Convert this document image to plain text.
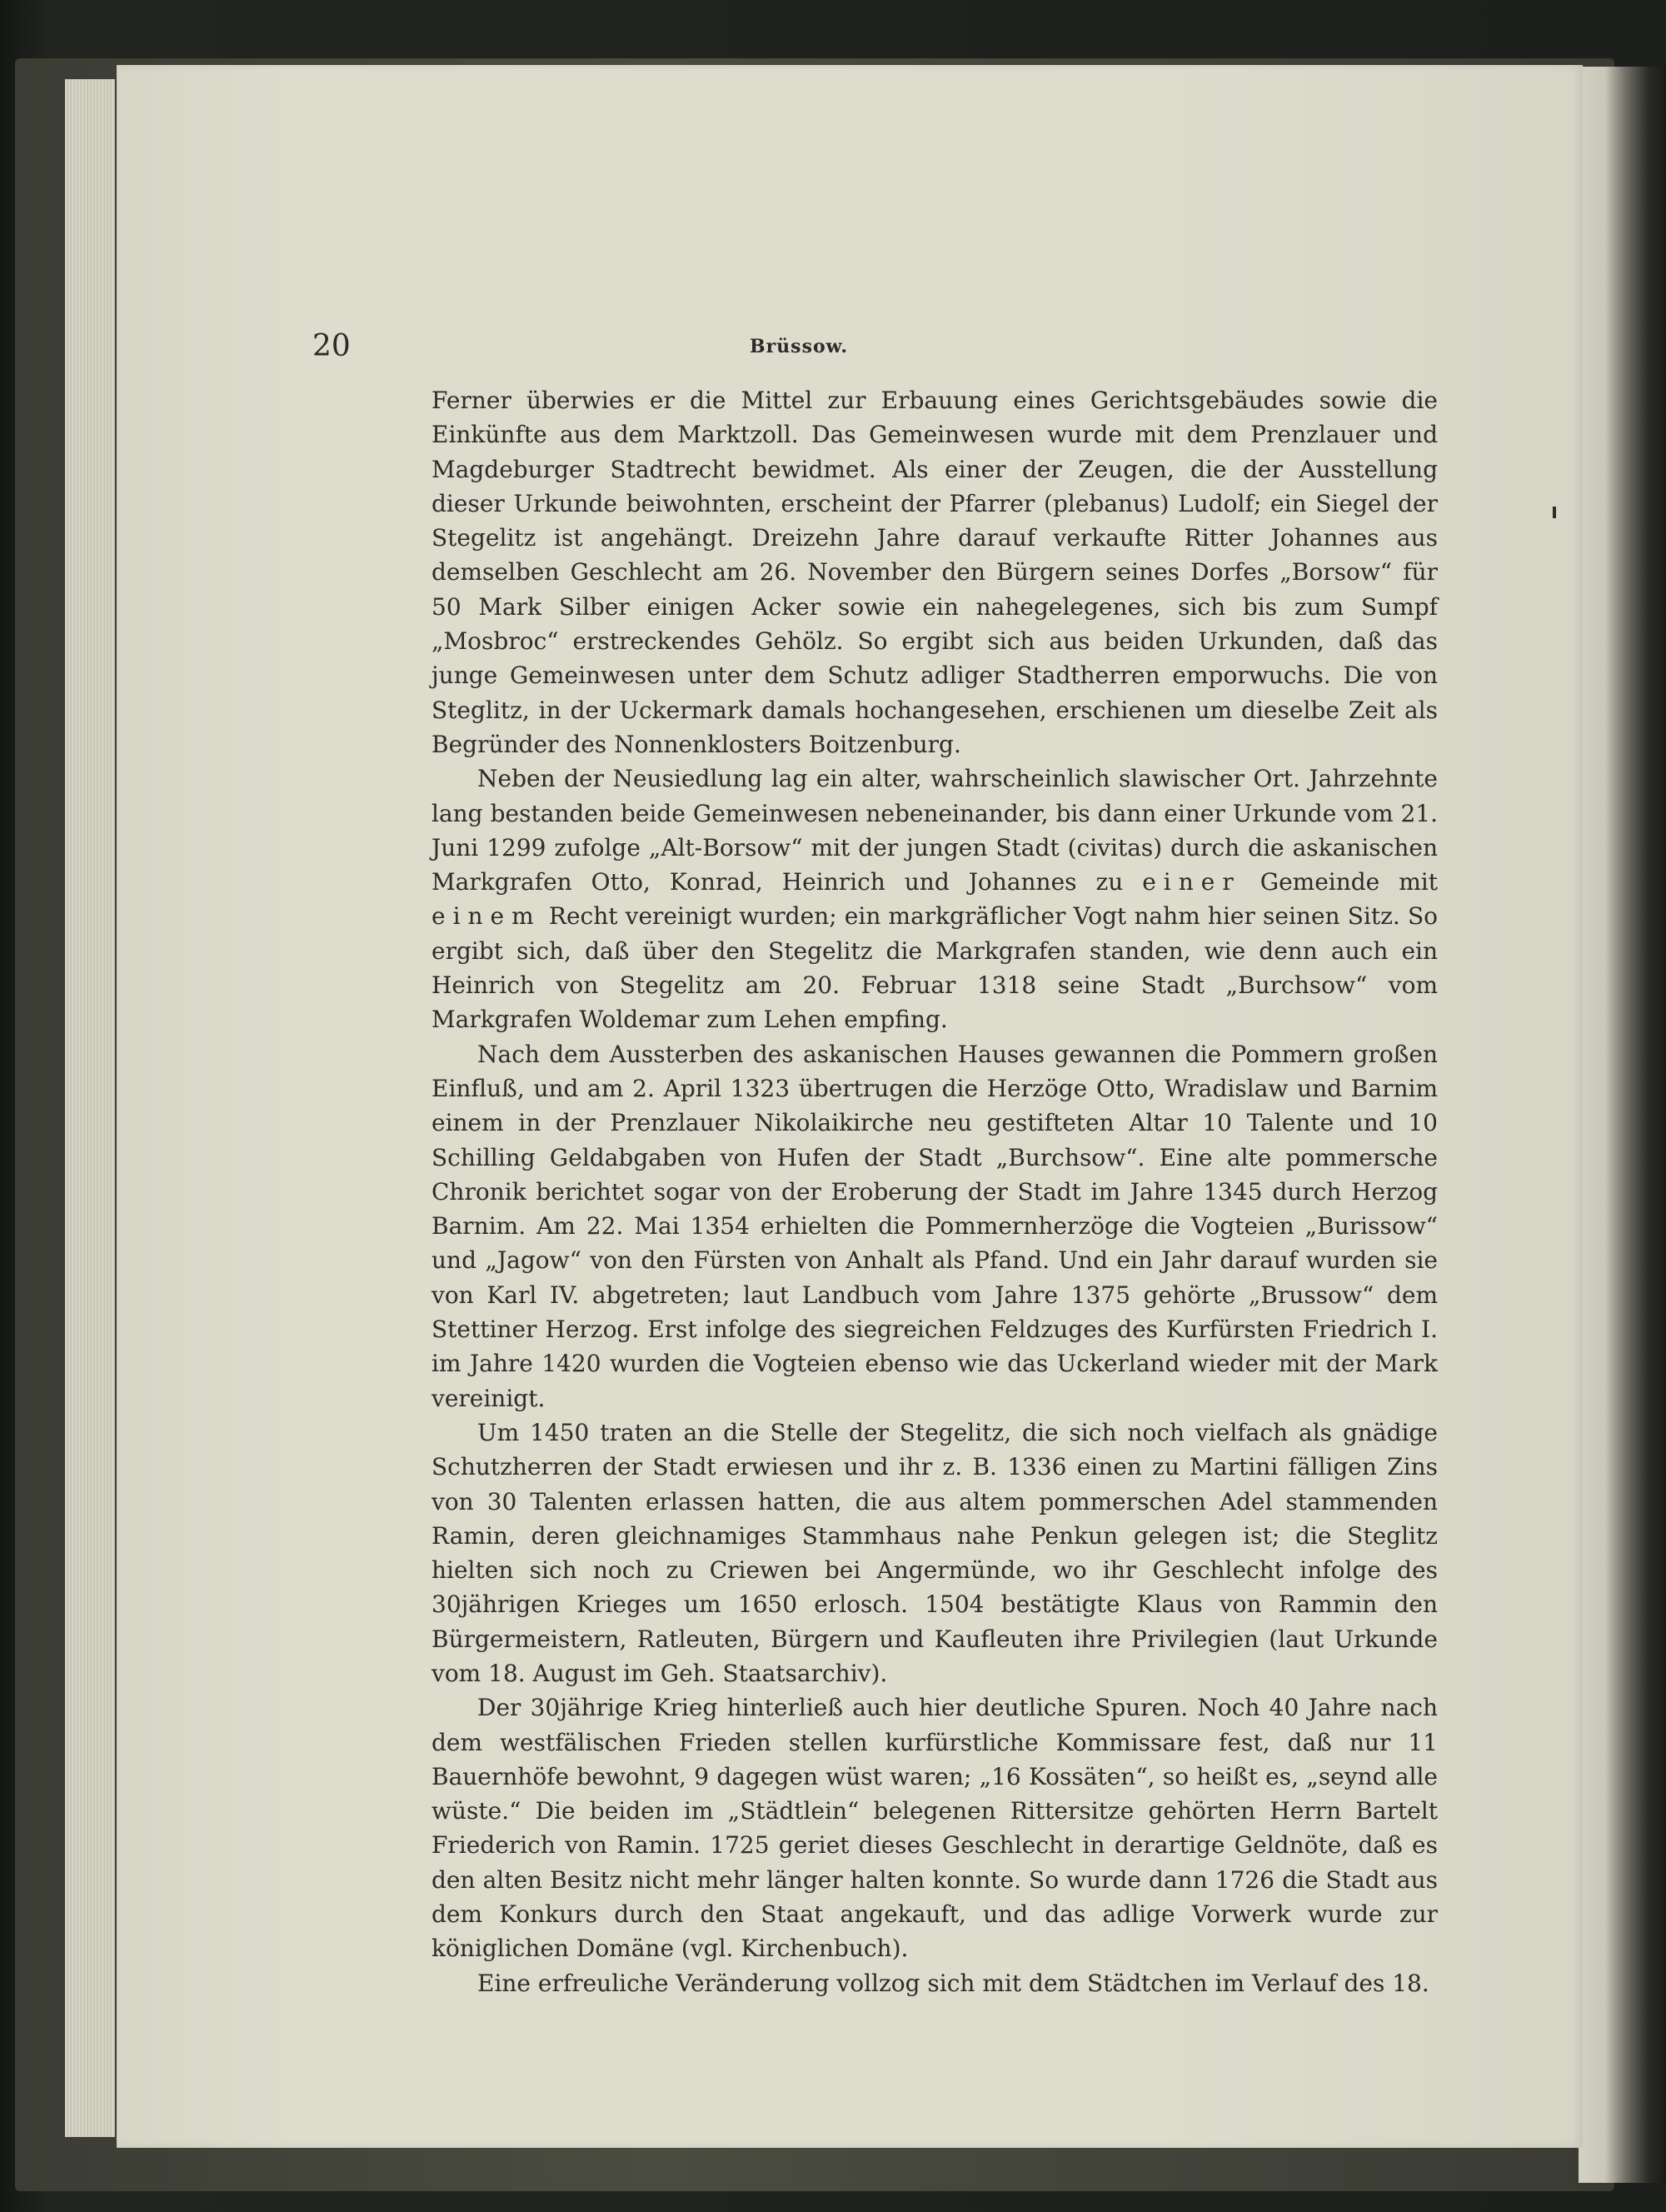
20	Brüssow.

Ferner überwies er die Mittel zur Erbauung eines Gerichtsgebäudes sowie die Einkünfte aus dem Marktzoll. Das Gemeinwesen wurde mit dem Prenzlauer und Magdeburger Stadtrecht bewidmet. Als einer der Zeugen, die der Ausstellung dieser Urkunde beiwohnten, erscheint der Pfarrer (plebanus) Ludolf; ein Siegel der Stegelitz ist angehängt. Dreizehn Jahre darauf verkaufte Ritter Johannes aus demselben Geschlecht am 26. November den Bürgern seines Dorfes „Borsow“ für 50 Mark Silber einigen Acker sowie ein nahegelegenes, sich bis zum Sumpf „Mosbroc“ erstreckendes Gehölz. So ergibt sich aus beiden Urkunden, daß das junge Gemeinwesen unter dem Schutz adliger Stadtherren emporwuchs. Die von Steglitz, in der Uckermark damals hochangesehen, erschienen um dieselbe Zeit als Begründer des Nonnenklosters Boitzenburg.

Neben der Neusiedlung lag ein alter, wahrscheinlich slawischer Ort. Jahrzehnte lang bestanden beide Gemeinwesen nebeneinander, bis dann einer Urkunde vom 21. Juni 1299 zufolge „Alt-Borsow“ mit der jungen Stadt (civitas) durch die askanischen Markgrafen Otto, Konrad, Heinrich und Johannes zu einer Gemeinde mit einem Recht vereinigt wurden; ein markgräflicher Vogt nahm hier seinen Sitz. So ergibt sich, daß über den Stegelitz die Markgrafen standen, wie denn auch ein Heinrich von Stegelitz am 20. Februar 1318 seine Stadt „Burchsow“ vom Markgrafen Woldemar zum Lehen empfing.

Nach dem Aussterben des askanischen Hauses gewannen die Pommern großen Einfluß, und am 2. April 1323 übertrugen die Herzöge Otto, Wradislaw und Barnim einem in der Prenzlauer Nikolaikirche neu gestifteten Altar 10 Talente und 10 Schilling Geldabgaben von Hufen der Stadt „Burchsow“. Eine alte pommersche Chronik berichtet sogar von der Eroberung der Stadt im Jahre 1345 durch Herzog Barnim. Am 22. Mai 1354 erhielten die Pommernherzöge die Vogteien „Burissow“ und „Jagow“ von den Fürsten von Anhalt als Pfand. Und ein Jahr darauf wurden sie von Karl IV. abgetreten; laut Landbuch vom Jahre 1375 gehörte „Brussow“ dem Stettiner Herzog. Erst infolge des siegreichen Feldzuges des Kurfürsten Friedrich I. im Jahre 1420 wurden die Vogteien ebenso wie das Uckerland wieder mit der Mark vereinigt.

Um 1450 traten an die Stelle der Stegelitz, die sich noch vielfach als gnädige Schutzherren der Stadt erwiesen und ihr z. B. 1336 einen zu Martini fälligen Zins von 30 Talenten erlassen hatten, die aus altem pommerschen Adel stammenden Ramin, deren gleichnamiges Stammhaus nahe Penkun gelegen ist; die Steglitz hielten sich noch zu Criewen bei Angermünde, wo ihr Geschlecht infolge des 30jährigen Krieges um 1650 erlosch. 1504 bestätigte Klaus von Rammin den Bürgermeistern, Ratleuten, Bürgern und Kaufleuten ihre Privilegien (laut Urkunde vom 18. August im Geh. Staatsarchiv).

Der 30jährige Krieg hinterließ auch hier deutliche Spuren. Noch 40 Jahre nach dem westfälischen Frieden stellen kurfürstliche Kommissare fest, daß nur 11 Bauernhöfe bewohnt, 9 dagegen wüst waren; „16 Kossäten“, so heißt es, „seynd alle wüste.“ Die beiden im „Städtlein“ belegenen Rittersitze gehörten Herrn Bartelt Friederich von Ramin. 1725 geriet dieses Geschlecht in derartige Geldnöte, daß es den alten Besitz nicht mehr länger halten konnte. So wurde dann 1726 die Stadt aus dem Konkurs durch den Staat angekauft, und das adlige Vorwerk wurde zur königlichen Domäne (vgl. Kirchenbuch).

Eine erfreuliche Veränderung vollzog sich mit dem Städtchen im Verlauf des 18.
